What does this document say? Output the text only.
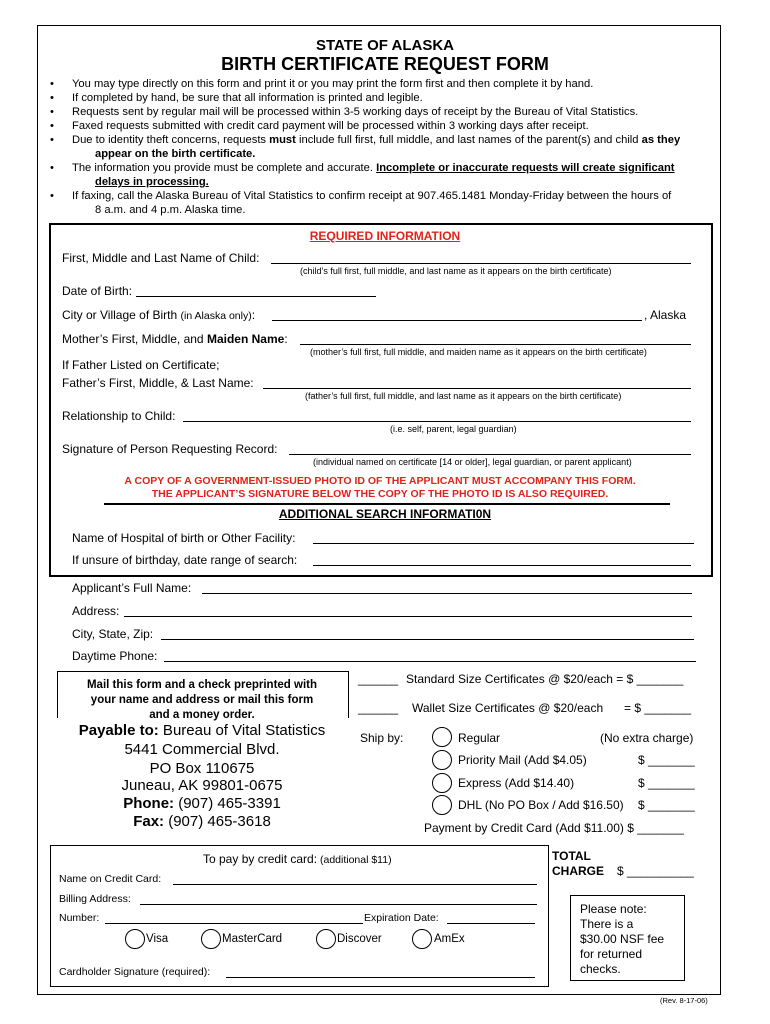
STATE OF ALASKA
BIRTH CERTIFICATE REQUEST FORM
• You may type directly on this form and print it or you may print the form first and then complete it by hand.
• If completed by hand, be sure that all information is printed and legible.
• Requests sent by regular mail will be processed within 3-5 working days of receipt by the Bureau of Vital Statistics.
• Faxed requests submitted with credit card payment will be processed within 3 working days after receipt.
• Due to identity theft concerns, requests must include full first, full middle, and last names of the parent(s) and child as they
appear on the birth certificate.
• The information you provide must be complete and accurate. Incomplete or inaccurate requests will create significant
delays in processing.
• If faxing, call the Alaska Bureau of Vital Statistics to confirm receipt at 907.465.1481 Monday-Friday between the hours of
8 a.m. and 4 p.m. Alaska time.
REQUIRED INFORMATION
First, Middle and Last Name of Child:
(child’s full first, full middle, and last name as it appears on the birth certificate)
Date of Birth:
City or Village of Birth (in Alaska only):	, Alaska
Mother’s First, Middle, and Maiden Name:
(mother’s full first, full middle, and maiden name as it appears on the birth certificate)
If Father Listed on Certificate;
Father’s First, Middle, & Last Name:
(father’s full first, full middle, and last name as it appears on the birth certificate)
Relationship to Child:
(i.e. self, parent, legal guardian)
Signature of Person Requesting Record:
(individual named on certificate [14 or older], legal guardian, or parent applicant)
A COPY OF A GOVERNMENT-ISSUED PHOTO ID OF THE APPLICANT MUST ACCOMPANY THIS FORM.
THE APPLICANT’S SIGNATURE BELOW THE COPY OF THE PHOTO ID IS ALSO REQUIRED.
ADDITIONAL SEARCH INFORMATI0N
Name of Hospital of birth or Other Facility:
If unsure of birthday, date range of search:
Applicant’s Full Name:
Address:
City, State, Zip:
Daytime Phone:
Mail this form and a check preprinted with
your name and address or mail this form
and a money order.
Payable to: Bureau of Vital Statistics
5441 Commercial Blvd.
PO Box 110675
Juneau, AK 99801-0675
Phone: (907) 465-3391
Fax: (907) 465-3618
______ Standard Size Certificates @ $20/each = $ _______
______ Wallet Size Certificates @ $20/each = $ _______
Ship by:	Regular	(No extra charge)
Priority Mail (Add $4.05)	$ _______
Express (Add $14.40)	$ _______
DHL (No PO Box / Add $16.50) $ _______
Payment by Credit Card (Add $11.00) $ _______
TOTAL
CHARGE $ __________
To pay by credit card: (additional $11)
Name on Credit Card:
Billing Address:
Number:	Expiration Date:
Visa	MasterCard	Discover	AmEx
Cardholder Signature (required):
Please note:
There is a
$30.00 NSF fee
for returned
checks.
(Rev. 8-17-06)
